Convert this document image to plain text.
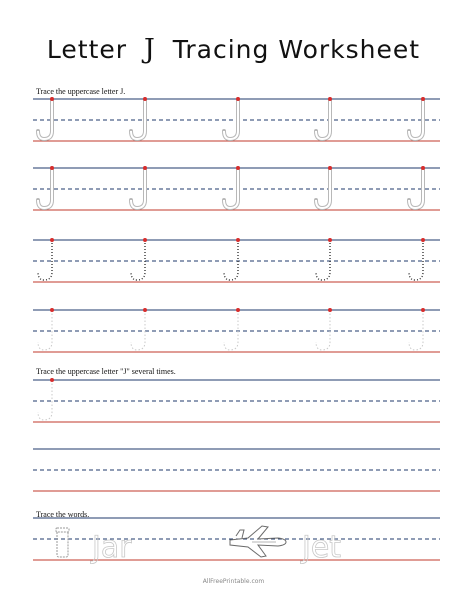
Letter J Tracing Worksheet
Trace the uppercase letter J.
Trace the uppercase letter "J" several times.
Trace the words.
Jar	Jet
AllFreePrintable.com
